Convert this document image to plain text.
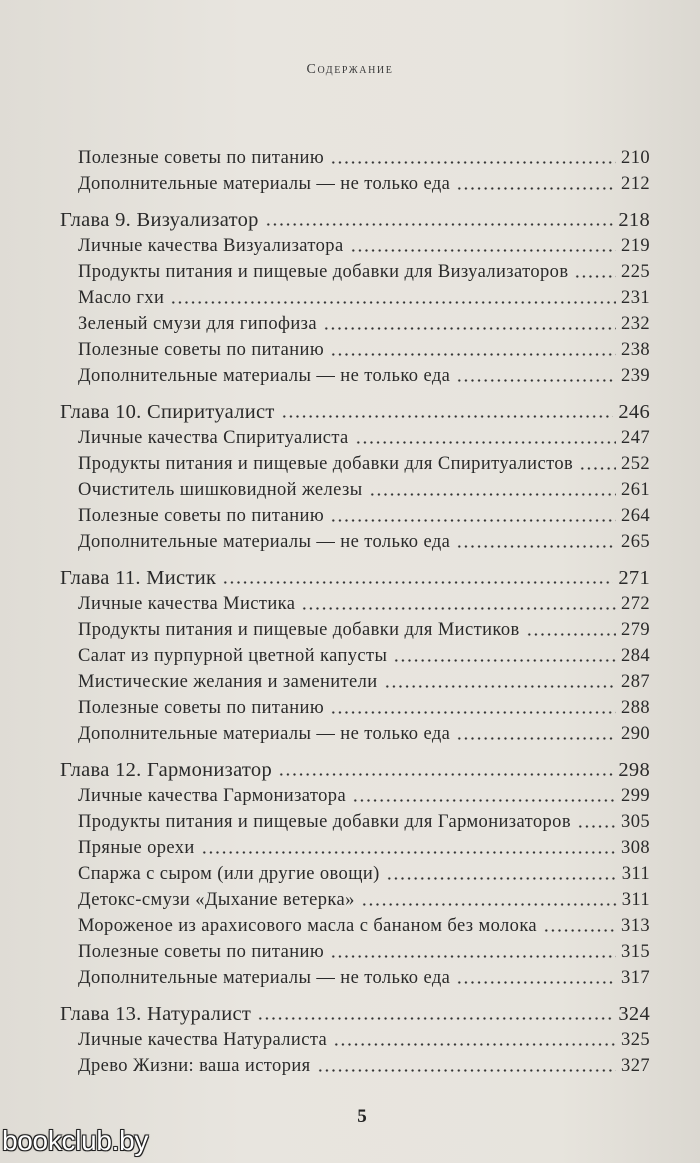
Содержание
Полезные советы по питанию	210
Дополнительные материалы — не только еда	212
Глава 9. Визуализатор	218
Личные качества Визуализатора	219
Продукты питания и пищевые добавки для Визуализаторов	225
Масло гхи	231
Зеленый смузи для гипофиза	232
Полезные советы по питанию	238
Дополнительные материалы — не только еда	239
Глава 10. Спиритуалист	246
Личные качества Спиритуалиста	247
Продукты питания и пищевые добавки для Спиритуалистов	252
Очиститель шишковидной железы	261
Полезные советы по питанию	264
Дополнительные материалы — не только еда	265
Глава 11. Мистик	271
Личные качества Мистика	272
Продукты питания и пищевые добавки для Мистиков	279
Салат из пурпурной цветной капусты	284
Мистические желания и заменители	287
Полезные советы по питанию	288
Дополнительные материалы — не только еда	290
Глава 12. Гармонизатор	298
Личные качества Гармонизатора	299
Продукты питания и пищевые добавки для Гармонизаторов	305
Пряные орехи	308
Спаржа с сыром (или другие овощи)	311
Детокс-смузи «Дыхание ветерка»	311
Мороженое из арахисового масла с бананом без молока	313
Полезные советы по питанию	315
Дополнительные материалы — не только еда	317
Глава 13. Натуралист	324
Личные качества Натуралиста	325
Древо Жизни: ваша история	327
5
bookclub.by
